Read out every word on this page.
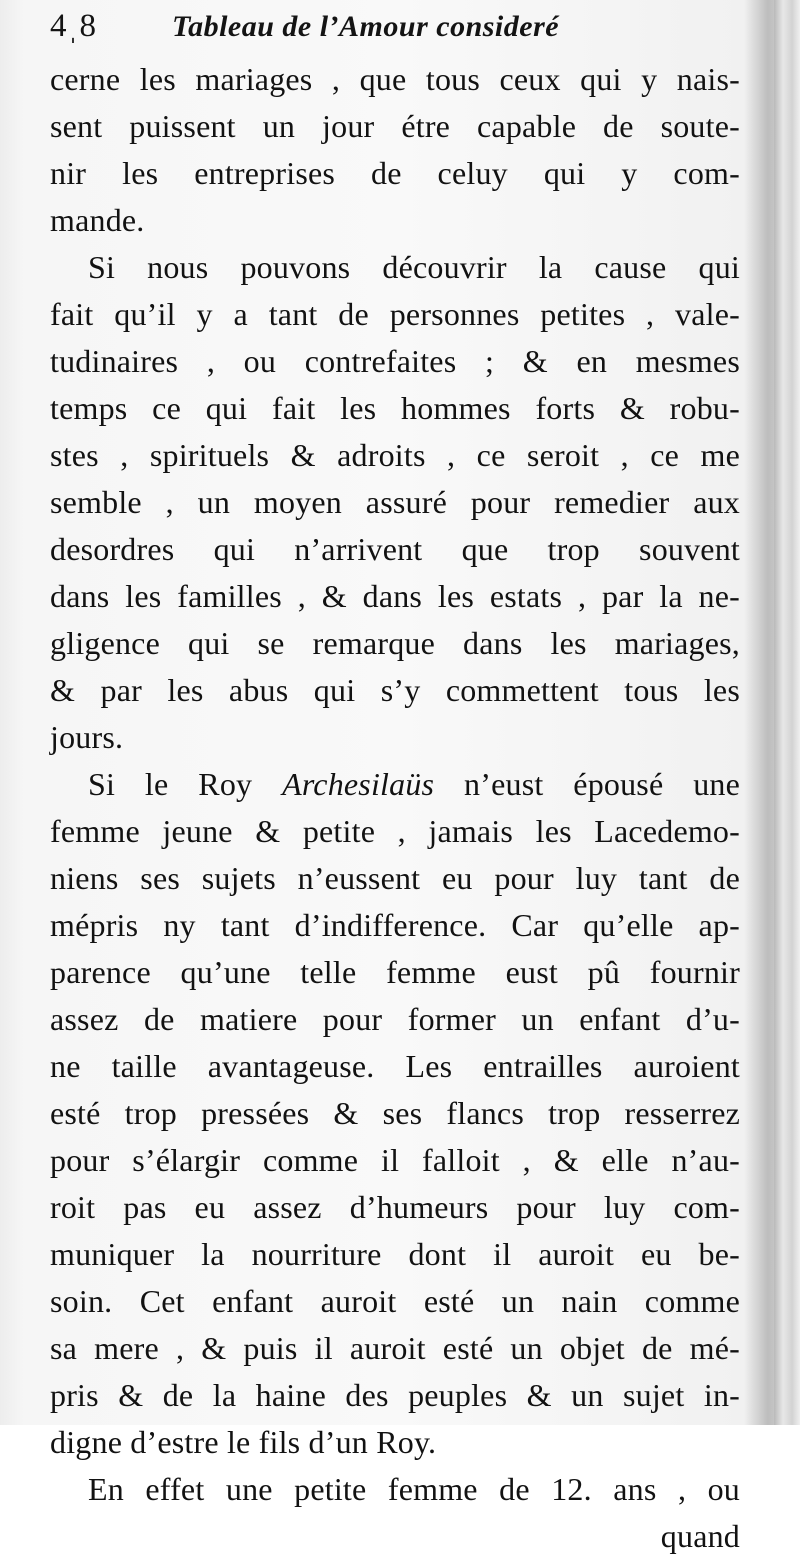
4ˌ8	Tableau de l’Amour consideré
cerne les mariages , que tous ceux qui y nais-
sent puissent un jour étre capable de soute-
nir les entreprises de celuy qui y com-
mande.
Si nous pouvons découvrir la cause qui
fait qu’il y a tant de personnes petites , vale-
tudinaires , ou contrefaites ; & en mesmes
temps ce qui fait les hommes forts & robu-
stes , spirituels & adroits , ce seroit , ce me
semble , un moyen assuré pour remedier aux
desordres qui n’arrivent que trop souvent
dans les familles , & dans les estats , par la ne-
gligence qui se remarque dans les mariages,
& par les abus qui s’y commettent tous les
jours.
Si le Roy Archesilaüs n’eust épousé une
femme jeune & petite , jamais les Lacedemo-
niens ses sujets n’eussent eu pour luy tant de
mépris ny tant d’indifference. Car qu’elle ap-
parence qu’une telle femme eust pû fournir
assez de matiere pour former un enfant d’u-
ne taille avantageuse. Les entrailles auroient
esté trop pressées & ses flancs trop resserrez
pour s’élargir comme il falloit , & elle n’au-
roit pas eu assez d’humeurs pour luy com-
muniquer la nourriture dont il auroit eu be-
soin. Cet enfant auroit esté un nain comme
sa mere , & puis il auroit esté un objet de mé-
pris & de la haine des peuples & un sujet in-
digne d’estre le fils d’un Roy.
En effet une petite femme de 12. ans , ou
quand
